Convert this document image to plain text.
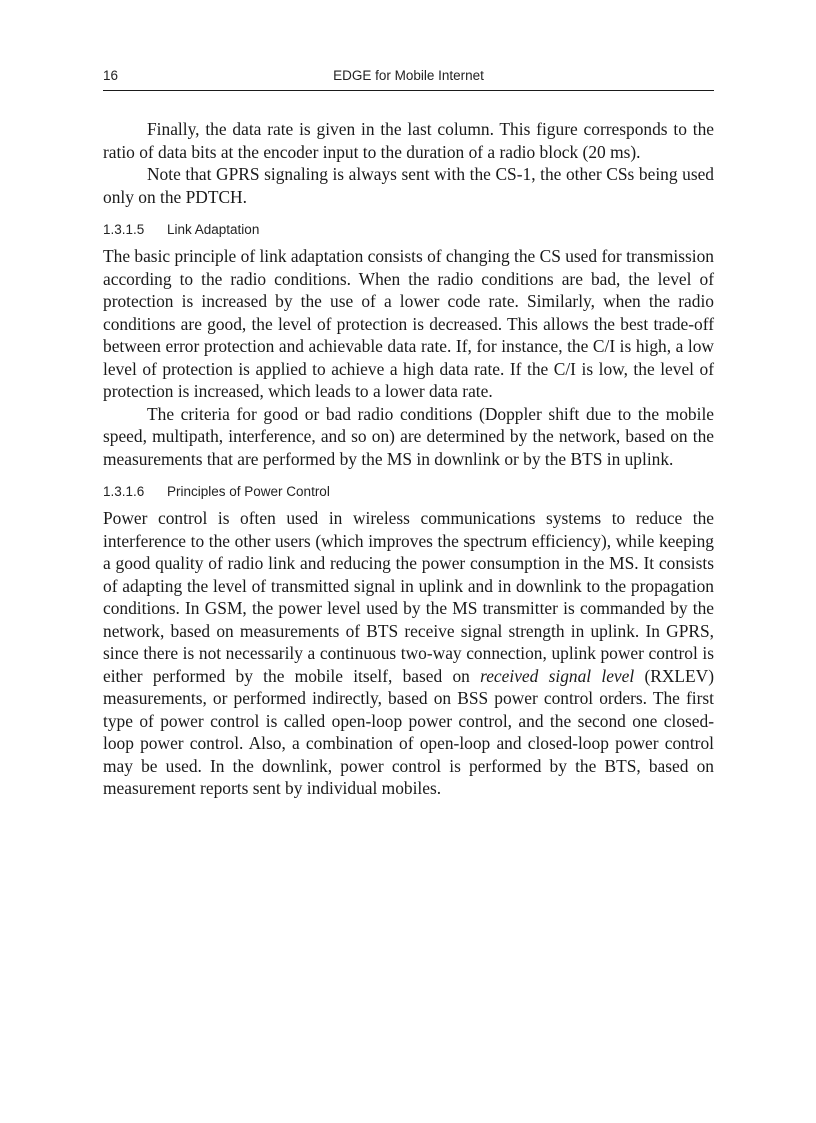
16	EDGE for Mobile Internet

Finally, the data rate is given in the last column. This figure corresponds to the ratio of data bits at the encoder input to the duration of a radio block (20 ms).

Note that GPRS signaling is always sent with the CS-1, the other CSs being used only on the PDTCH.

1.3.1.5 Link Adaptation

The basic principle of link adaptation consists of changing the CS used for transmission according to the radio conditions. When the radio conditions are bad, the level of protection is increased by the use of a lower code rate. Similarly, when the radio conditions are good, the level of protection is decreased. This allows the best trade-off between error protection and achievable data rate. If, for instance, the C/I is high, a low level of protection is applied to achieve a high data rate. If the C/I is low, the level of protection is increased, which leads to a lower data rate.

The criteria for good or bad radio conditions (Doppler shift due to the mobile speed, multipath, interference, and so on) are determined by the network, based on the measurements that are performed by the MS in downlink or by the BTS in uplink.

1.3.1.6 Principles of Power Control

Power control is often used in wireless communications systems to reduce the interference to the other users (which improves the spectrum efficiency), while keeping a good quality of radio link and reducing the power consumption in the MS. It consists of adapting the level of transmitted signal in uplink and in downlink to the propagation conditions. In GSM, the power level used by the MS transmitter is commanded by the network, based on measurements of BTS receive signal strength in uplink. In GPRS, since there is not necessarily a continuous two-way connection, uplink power control is either performed by the mobile itself, based on received signal level (RXLEV) measurements, or performed indirectly, based on BSS power control orders. The first type of power control is called open-loop power control, and the second one closed-loop power control. Also, a combination of open-loop and closed-loop power control may be used. In the downlink, power control is performed by the BTS, based on measurement reports sent by individual mobiles.
